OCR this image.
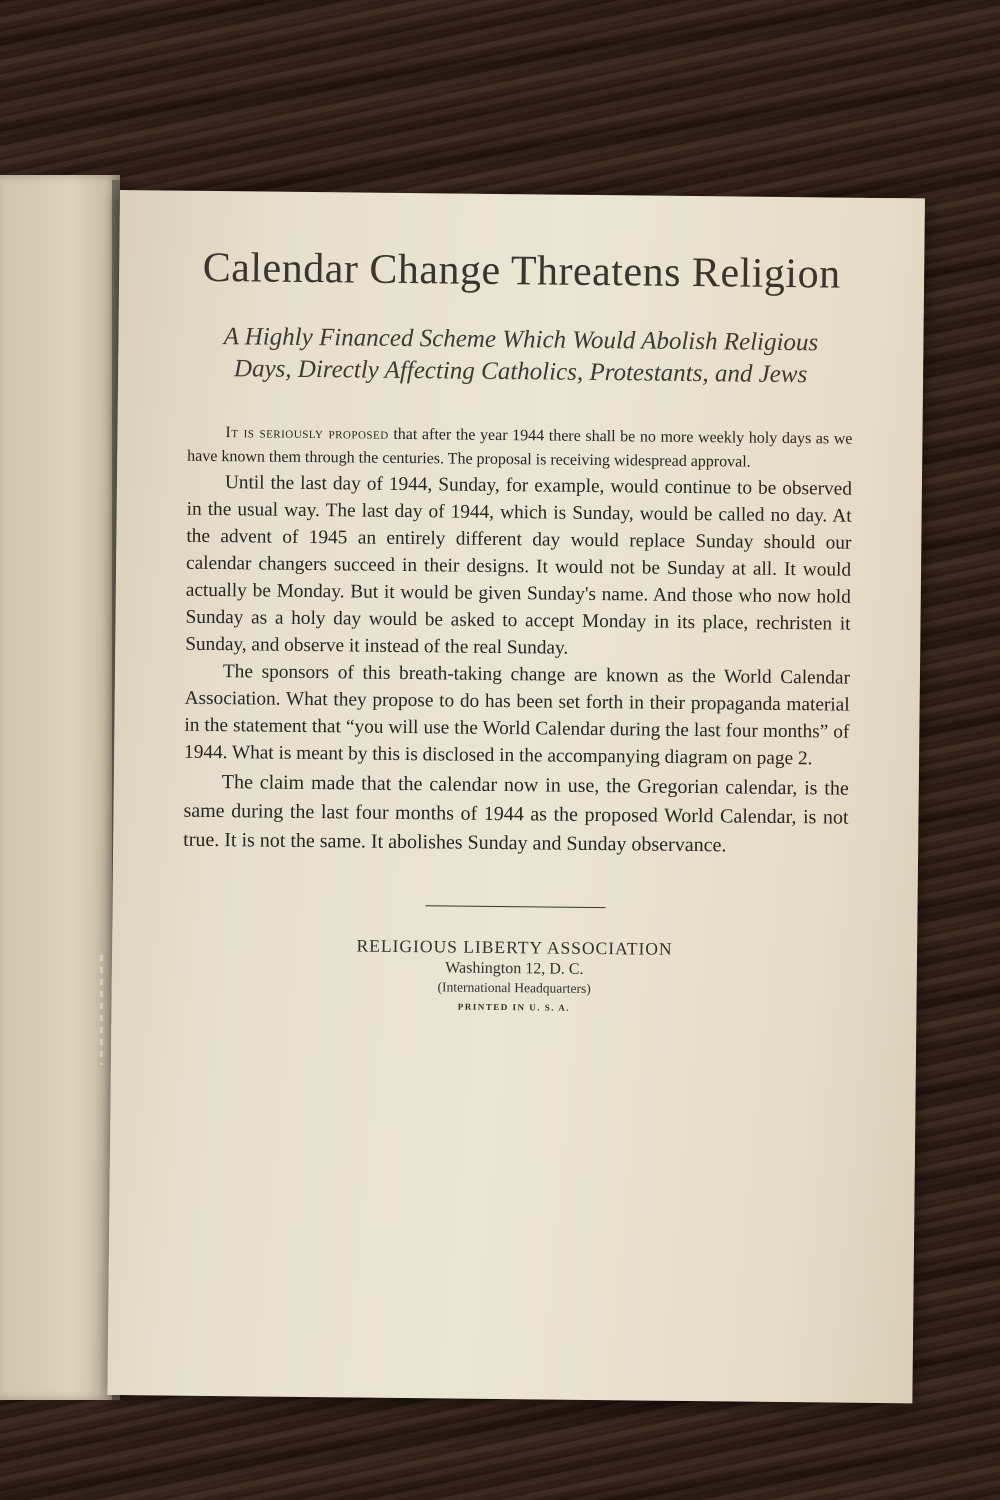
Calendar Change Threatens Religion
A Highly Financed Scheme Which Would Abolish Religious Days, Directly Affecting Catholics, Protestants, and Jews

It is seriously proposed that after the year 1944 there shall be no more weekly holy days as we have known them through the centuries. The proposal is receiving widespread approval.

Until the last day of 1944, Sunday, for example, would continue to be observed in the usual way. The last day of 1944, which is Sunday, would be called no day. At the advent of 1945 an entirely different day would replace Sunday should our calendar changers succeed in their designs. It would not be Sunday at all. It would actually be Monday. But it would be given Sunday's name. And those who now hold Sunday as a holy day would be asked to accept Monday in its place, rechristen it Sunday, and observe it instead of the real Sunday.

The sponsors of this breath-taking change are known as the World Calendar Association. What they propose to do has been set forth in their propaganda material in the statement that “you will use the World Calendar during the last four months” of 1944. What is meant by this is disclosed in the accompanying diagram on page 2.

The claim made that the calendar now in use, the Gregorian calendar, is the same during the last four months of 1944 as the proposed World Calendar, is not true. It is not the same. It abolishes Sunday and Sunday observance.

RELIGIOUS LIBERTY ASSOCIATION
Washington 12, D. C.
(International Headquarters)
PRINTED IN U. S. A.
